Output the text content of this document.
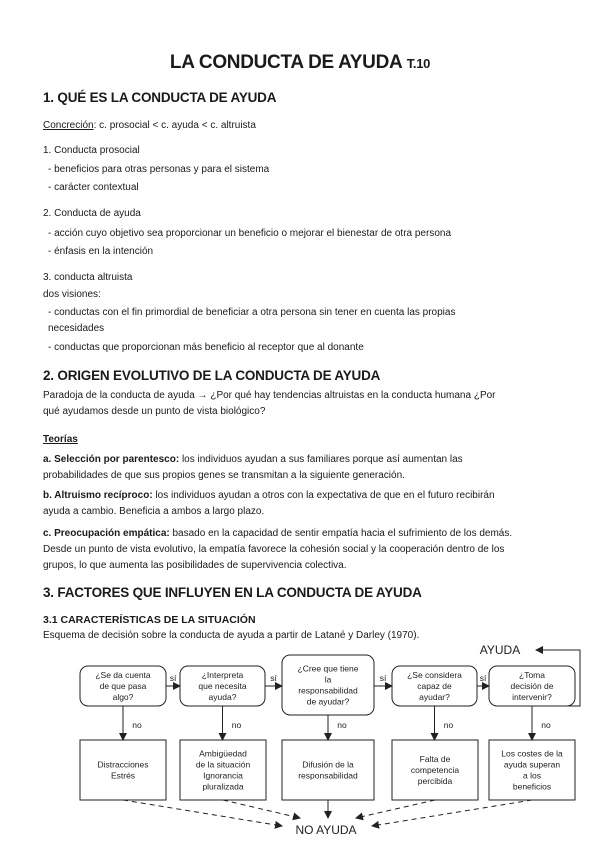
LA CONDUCTA DE AYUDA T.10
1. QUÉ ES LA CONDUCTA DE AYUDA
Concreción: c. prosocial < c. ayuda < c. altruista
1. Conducta prosocial
- beneficios para otras personas y para el sistema
- carácter contextual
2. Conducta de ayuda
- acción cuyo objetivo sea proporcionar un beneficio o mejorar el bienestar de otra persona
- énfasis en la intención
3. conducta altruista
dos visiones:
- conductas con el fin primordial de beneficiar a otra persona sin tener en cuenta las propias
necesidades
- conductas que proporcionan más beneficio al receptor que al donante
2. ORIGEN EVOLUTIVO DE LA CONDUCTA DE AYUDA
Paradoja de la conducta de ayuda → ¿Por qué hay tendencias altruistas en la conducta humana ¿Por
qué ayudamos desde un punto de vista biológico?
Teorías
a. Selección por parentesco: los individuos ayudan a sus familiares porque así aumentan las
probabilidades de que sus propios genes se transmitan a la siguiente generación.
b. Altruismo recíproco: los individuos ayudan a otros con la expectativa de que en el futuro recibirán
ayuda a cambio. Beneficia a ambos a largo plazo.
c. Preocupación empática: basado en la capacidad de sentir empatía hacia el sufrimiento de los demás.
Desde un punto de vista evolutivo, la empatía favorece la cohesión social y la cooperación dentro de los
grupos, lo que aumenta las posibilidades de supervivencia colectiva.
3. FACTORES QUE INFLUYEN EN LA CONDUCTA DE AYUDA
3.1 CARACTERÍSTICAS DE LA SITUACIÓN
Esquema de decisión sobre la conducta de ayuda a partir de Latané y Darley (1970).
¿Se da cuenta de que pasa algo?
sí
no
¿Interpreta que necesita ayuda?
sí
no
¿Cree que tiene la responsabilidad de ayudar?
sí
no
¿Se considera capaz de ayudar?
sí
no
¿Toma decisión de intervenir?
no
Distracciones Estrés
Ambigüedad de la situación Ignorancia pluralizada
Difusión de la responsabilidad
Falta de competencia percibida
Los costes de la ayuda superan a los beneficios
AYUDA
NO AYUDA
